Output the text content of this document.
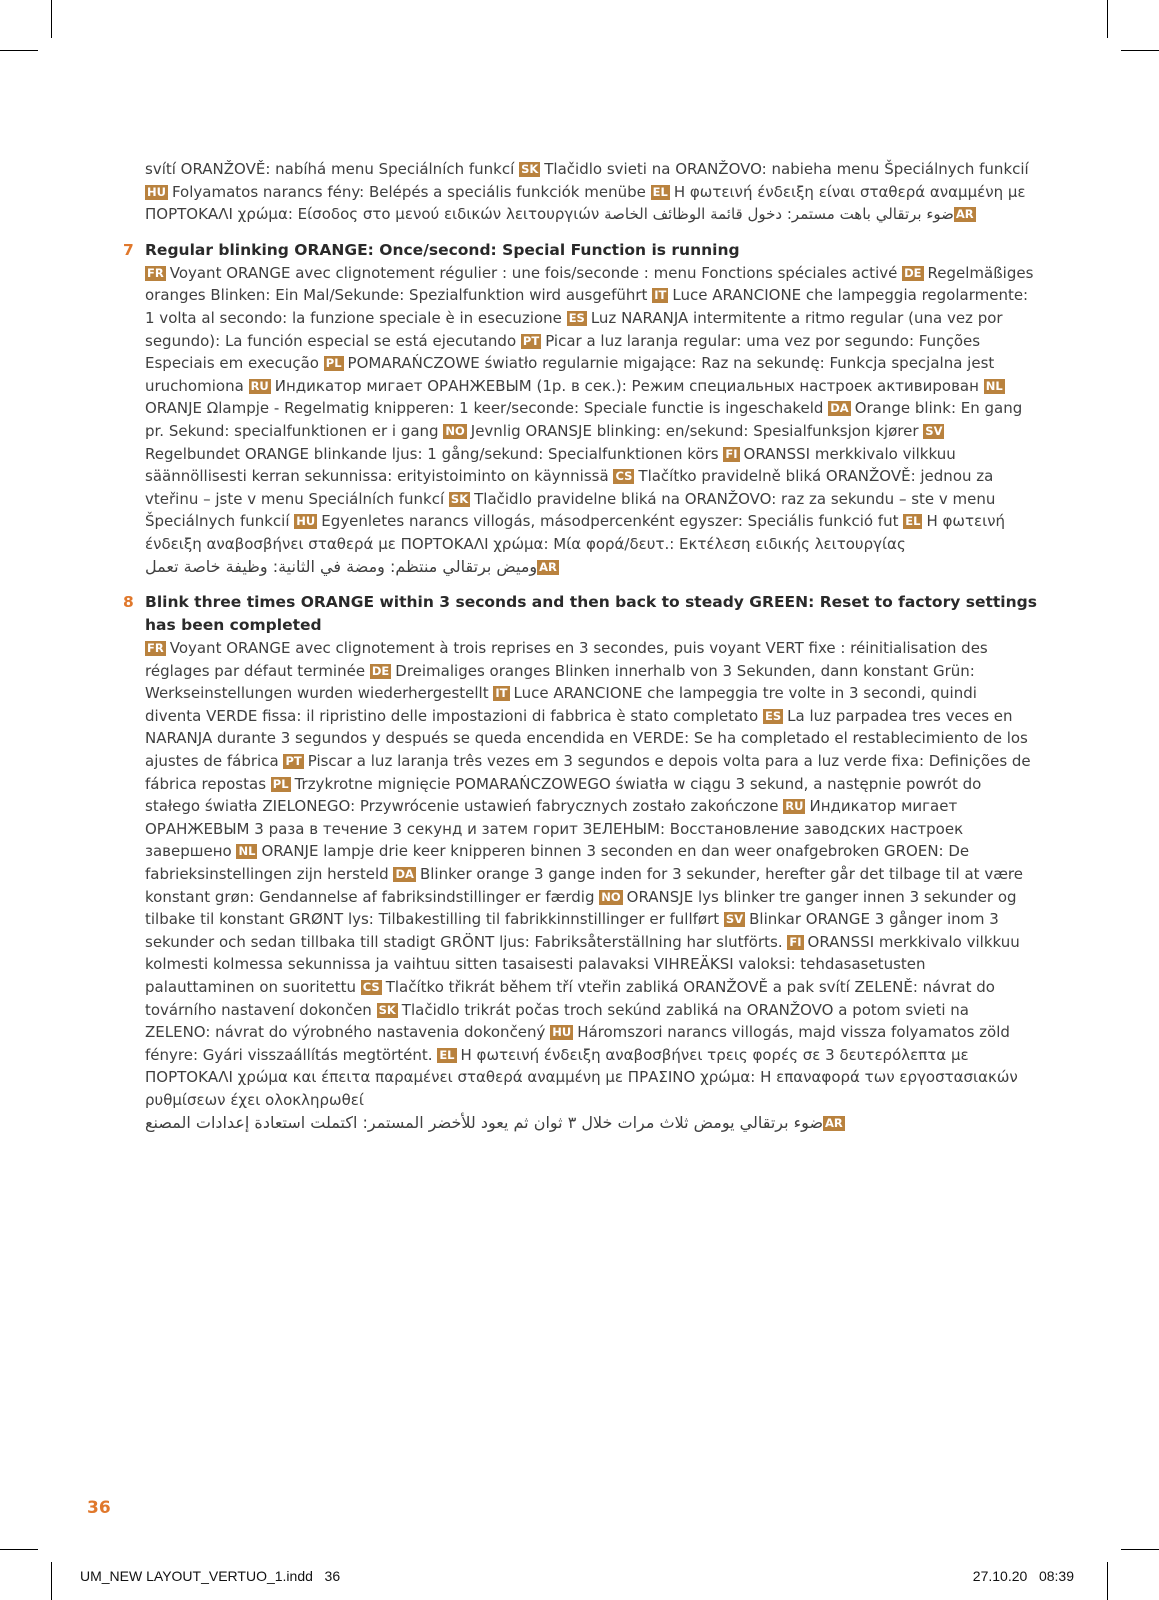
svítí ORANŽOVĚ: nabíhá menu Speciálních funkcí SK Tlačidlo svieti na ORANŽOVO: nabieha menu Špeciálnych funkcií HU Folyamatos narancs fény: Belépés a speciális funkciók menübe EL Η φωτεινή ένδειξη είναι σταθερά αναμμένη με ΠΟΡΤΟΚΑΛΙ χρώμα: Είσοδος στο μενού ειδικών λειτουργιών	ARضوء برتقالي باهت مستمر: دخول قائمة الوظائف الخاصة
7 Regular blinking ORANGE: Once/second: Special Function is running
FR Voyant ORANGE avec clignotement régulier : une fois/seconde : menu Fonctions spéciales activé DE Regelmäßiges oranges Blinken: Ein Mal/Sekunde: Spezialfunktion wird ausgeführt IT Luce ARANCIONE che lampeggia regolarmente: 1 volta al secondo: la funzione speciale è in esecuzione ES Luz NARANJA intermitente a ritmo regular (una vez por segundo): La función especial se está ejecutando PT Picar a luz laranja regular: uma vez por segundo: Funções Especiais em execução PL POMARAŃCZOWE światło regularnie migające: Raz na sekundę: Funkcja specjalna jest uruchomiona RU Индикатор мигает ОРАНЖЕВЫМ (1р. в сек.): Режим специальных настроек активирован NLORANJE Ωlampje - Regelmatig knipperen: 1 keer/seconde: Speciale functie is ingeschakeld DA Orange blink: En gang pr. Sekund: specialfunktionen er i gang NO Jevnlig ORANSJE blinking: en/sekund: Spesialfunksjon kjører SVRegelbundet ORANGE blinkande ljus: 1 gång/sekund: Specialfunktionen körs FI ORANSSI merkkivalo vilkkuu säännöllisesti kerran sekunnissa: erityistoiminto on käynnissä CS Tlačítko pravidelně bliká ORANŽOVĚ: jednou za vteřinu – jste v menu Speciálních funkcí SK Tlačidlo pravidelne bliká na ORANŽOVO: raz za sekundu – ste v menu Špeciálnych funkcií HU Egyenletes narancs villogás, másodpercenként egyszer: Speciális funkció fut EL Η φωτεινή ένδειξη αναβοσβήνει σταθερά με ΠΟΡΤΟΚΑΛΙ χρώμα: Μία φορά/δευτ.: Εκτέλεση ειδικής λειτουργίας
ARوميض برتقالي منتظم: ومضة في الثانية: وظيفة خاصة تعمل
8 Blink three times ORANGE within 3 seconds and then back to steady GREEN: Reset to factory settings has been completed
FR Voyant ORANGE avec clignotement à trois reprises en 3 secondes, puis voyant VERT fixe : réinitialisation des réglages par défaut terminée DE Dreimaliges oranges Blinken innerhalb von 3 Sekunden, dann konstant Grün: Werkseinstellungen wurden wiederhergestellt IT Luce ARANCIONE che lampeggia tre volte in 3 secondi, quindi diventa VERDE fissa: il ripristino delle impostazioni di fabbrica è stato completato ES La luz parpadea tres veces en NARANJA durante 3 segundos y después se queda encendida en VERDE: Se ha completado el restablecimiento de los ajustes de fábrica PT Piscar a luz laranja três vezes em 3 segundos e depois volta para a luz verde fixa: Definições de fábrica repostas PL Trzykrotne mignięcie POMARAŃCZOWEGO światła w ciągu 3 sekund, a następnie powrót do stałego światła ZIELONEGO: Przywrócenie ustawień fabrycznych zostało zakończone RU Индикатор мигает ОРАНЖЕВЫМ 3 раза в течение 3 секунд и затем горит ЗЕЛЕНЫМ: Восстановление заводских настроек завершено NL ORANJE lampje drie keer knipperen binnen 3 seconden en dan weer onafgebroken GROEN: De fabrieksinstellingen zijn hersteld DA Blinker orange 3 gange inden for 3 sekunder, herefter går det tilbage til at være konstant grøn: Gendannelse af fabriksindstillinger er færdig NO ORANSJE lys blinker tre ganger innen 3 sekunder og tilbake til konstant GRØNT lys: Tilbakestilling til fabrikkinnstillinger er fullført SV Blinkar ORANGE 3 gånger inom 3 sekunder och sedan tillbaka till stadigt GRÖNT ljus: Fabriksåterställning har slutförts. FI ORANSSI merkkivalo vilkkuu kolmesti kolmessa sekunnissa ja vaihtuu sitten tasaisesti palavaksi VIHREÄKSI valoksi: tehdasasetusten palauttaminen on suoritettu CS Tlačítko třikrát během tří vteřin zabliká ORANŽOVĚ a pak svítí ZELENĚ: návrat do továrního nastavení dokončen SK Tlačidlo trikrát počas troch sekúnd zabliká na ORANŽOVO a potom svieti na ZELENO: návrat do výrobného nastavenia dokončený HU Háromszori narancs villogás, majd vissza folyamatos zöld fényre: Gyári visszaállítás megtörtént. EL Η φωτεινή ένδειξη αναβοσβήνει τρεις φορές σε 3 δευτερόλεπτα με ΠΟΡΤΟΚΑΛΙ χρώμα και έπειτα παραμένει σταθερά αναμμένη με ΠΡΑΣΙΝΟ χρώμα: Η επαναφορά των εργοστασιακών ρυθμίσεων έχει ολοκληρωθεί
ARضوء برتقالي يومض ثلاث مرات خلال ٣ ثوان ثم يعود للأخضر المستمر: اكتملت استعادة إعدادات المصنع
36
UM_NEW LAYOUT_VERTUO_1.indd   36	27.10.20   08:39
